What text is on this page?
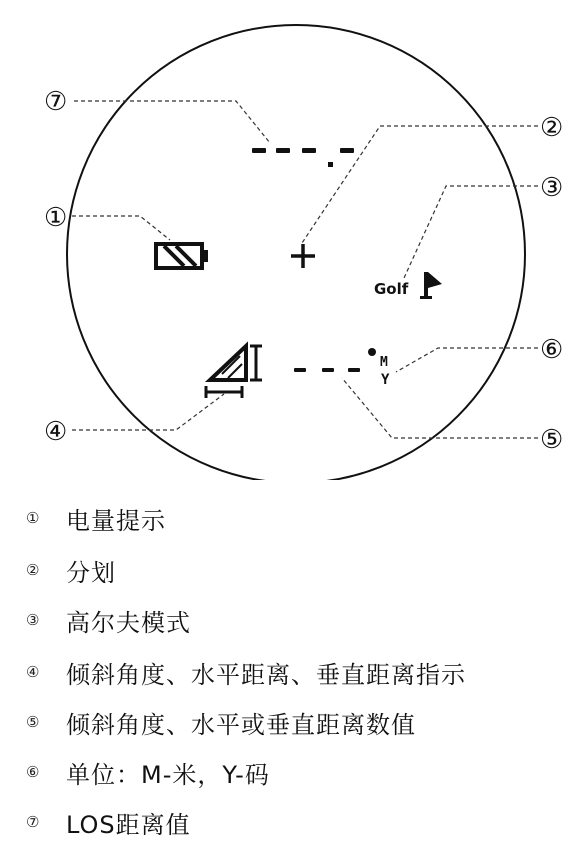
⑦
②
①
③
⑥
⑤
④
Golf
M
Y
①	电量提示
②	分划
③	高尔夫模式
④	倾斜角度、水平距离、垂直距离指示
⑤	倾斜角度、水平或垂直距离数值
⑥	单位：M-米，Y-码
⑦	LOS距离值
